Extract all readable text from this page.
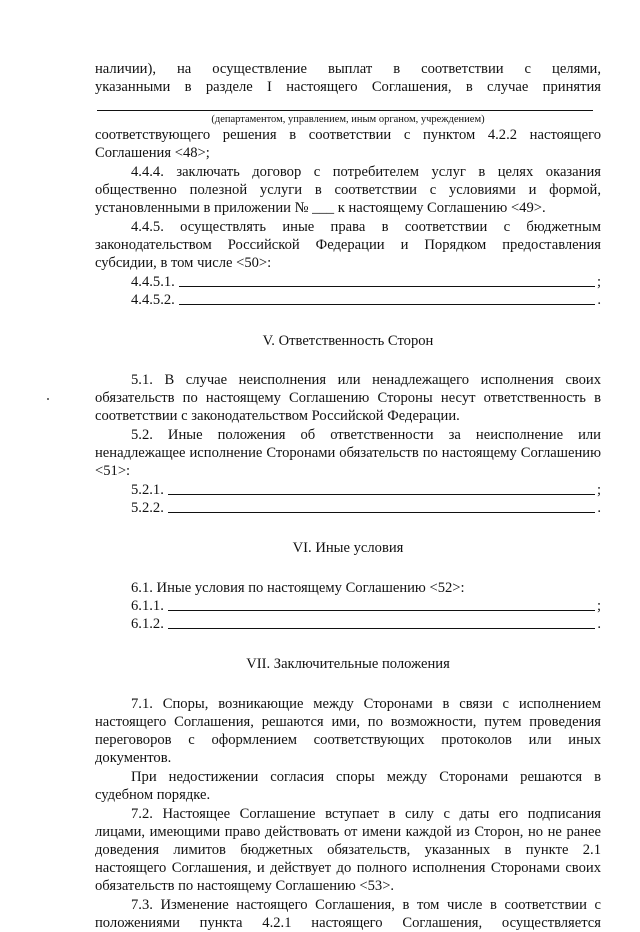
наличии), на осуществление выплат в соответствии с целями,

указанными в разделе I настоящего Соглашения, в случае принятия

(департаментом, управлением, иным органом, учреждением)

соответствующего решения в соответствии с пунктом 4.2.2 настоящего

Соглашения <48>;

4.4.4. заключать договор с потребителем услуг в целях оказания общественно полезной услуги в соответствии с условиями и формой, установленными в приложении № ___ к настоящему Соглашению <49>.

4.4.5. осуществлять иные права в соответствии с бюджетным законодательством Российской Федерации и Порядком предоставления субсидии, в том числе <50>:

4.4.5.1.	;
4.4.5.2.	.

V. Ответственность Сторон

5.1. В случае неисполнения или ненадлежащего исполнения своих обязательств по настоящему Соглашению Стороны несут ответственность в соответствии с законодательством Российской Федерации.

5.2. Иные положения об ответственности за неисполнение или ненадлежащее исполнение Сторонами обязательств по настоящему Соглашению <51>:

5.2.1.	;
5.2.2.	.

VI. Иные условия

6.1. Иные условия по настоящему Соглашению <52>:

6.1.1.	;
6.1.2.	.

VII. Заключительные положения

7.1. Споры, возникающие между Сторонами в связи с исполнением настоящего Соглашения, решаются ими, по возможности, путем проведения переговоров с оформлением соответствующих протоколов или иных документов.

При недостижении согласия споры между Сторонами решаются в судебном порядке.

7.2. Настоящее Соглашение вступает в силу с даты его подписания лицами, имеющими право действовать от имени каждой из Сторон, но не ранее доведения лимитов бюджетных обязательств, указанных в пункте 2.1 настоящего Соглашения, и действует до полного исполнения Сторонами своих обязательств по настоящему Соглашению <53>.

7.3. Изменение настоящего Соглашения, в том числе в соответствии с положениями пункта 4.2.1 настоящего Соглашения, осуществляется
